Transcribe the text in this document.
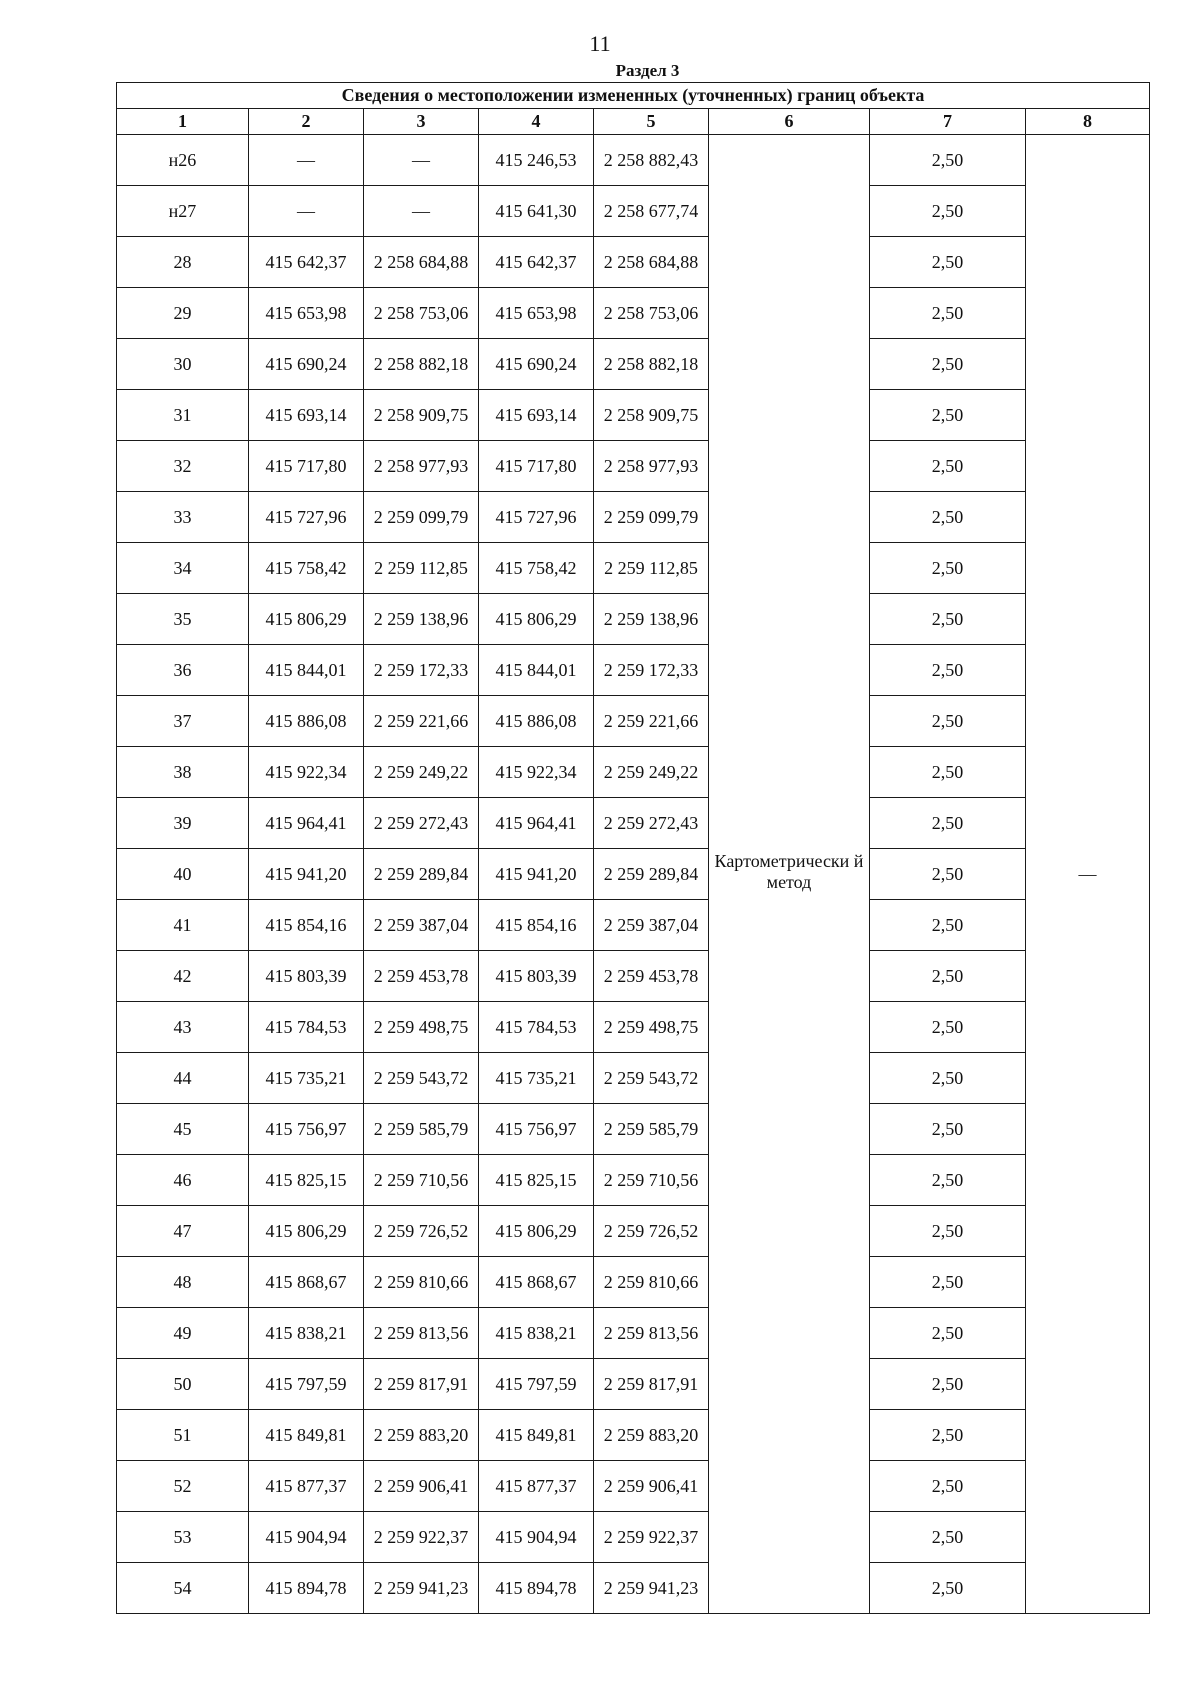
11
Раздел 3
Сведения о местоположении измененных (уточненных) границ объекта							
1	2	3	4	5	6	7	8
н26	—	—	415 246,53	2 258 882,43	Картометрически й метод	2,50	—
н27	—	—	415 641,30	2 258 677,74		2,50	
28	415 642,37	2 258 684,88	415 642,37	2 258 684,88		2,50	
29	415 653,98	2 258 753,06	415 653,98	2 258 753,06		2,50	
30	415 690,24	2 258 882,18	415 690,24	2 258 882,18		2,50	
31	415 693,14	2 258 909,75	415 693,14	2 258 909,75		2,50	
32	415 717,80	2 258 977,93	415 717,80	2 258 977,93		2,50	
33	415 727,96	2 259 099,79	415 727,96	2 259 099,79		2,50	
34	415 758,42	2 259 112,85	415 758,42	2 259 112,85		2,50	
35	415 806,29	2 259 138,96	415 806,29	2 259 138,96		2,50	
36	415 844,01	2 259 172,33	415 844,01	2 259 172,33		2,50	
37	415 886,08	2 259 221,66	415 886,08	2 259 221,66		2,50	
38	415 922,34	2 259 249,22	415 922,34	2 259 249,22		2,50	
39	415 964,41	2 259 272,43	415 964,41	2 259 272,43		2,50	
40	415 941,20	2 259 289,84	415 941,20	2 259 289,84		2,50	
41	415 854,16	2 259 387,04	415 854,16	2 259 387,04		2,50	
42	415 803,39	2 259 453,78	415 803,39	2 259 453,78		2,50	
43	415 784,53	2 259 498,75	415 784,53	2 259 498,75		2,50	
44	415 735,21	2 259 543,72	415 735,21	2 259 543,72		2,50	
45	415 756,97	2 259 585,79	415 756,97	2 259 585,79		2,50	
46	415 825,15	2 259 710,56	415 825,15	2 259 710,56		2,50	
47	415 806,29	2 259 726,52	415 806,29	2 259 726,52		2,50	
48	415 868,67	2 259 810,66	415 868,67	2 259 810,66		2,50	
49	415 838,21	2 259 813,56	415 838,21	2 259 813,56		2,50	
50	415 797,59	2 259 817,91	415 797,59	2 259 817,91		2,50	
51	415 849,81	2 259 883,20	415 849,81	2 259 883,20		2,50	
52	415 877,37	2 259 906,41	415 877,37	2 259 906,41		2,50	
53	415 904,94	2 259 922,37	415 904,94	2 259 922,37		2,50	
54	415 894,78	2 259 941,23	415 894,78	2 259 941,23		2,50	
